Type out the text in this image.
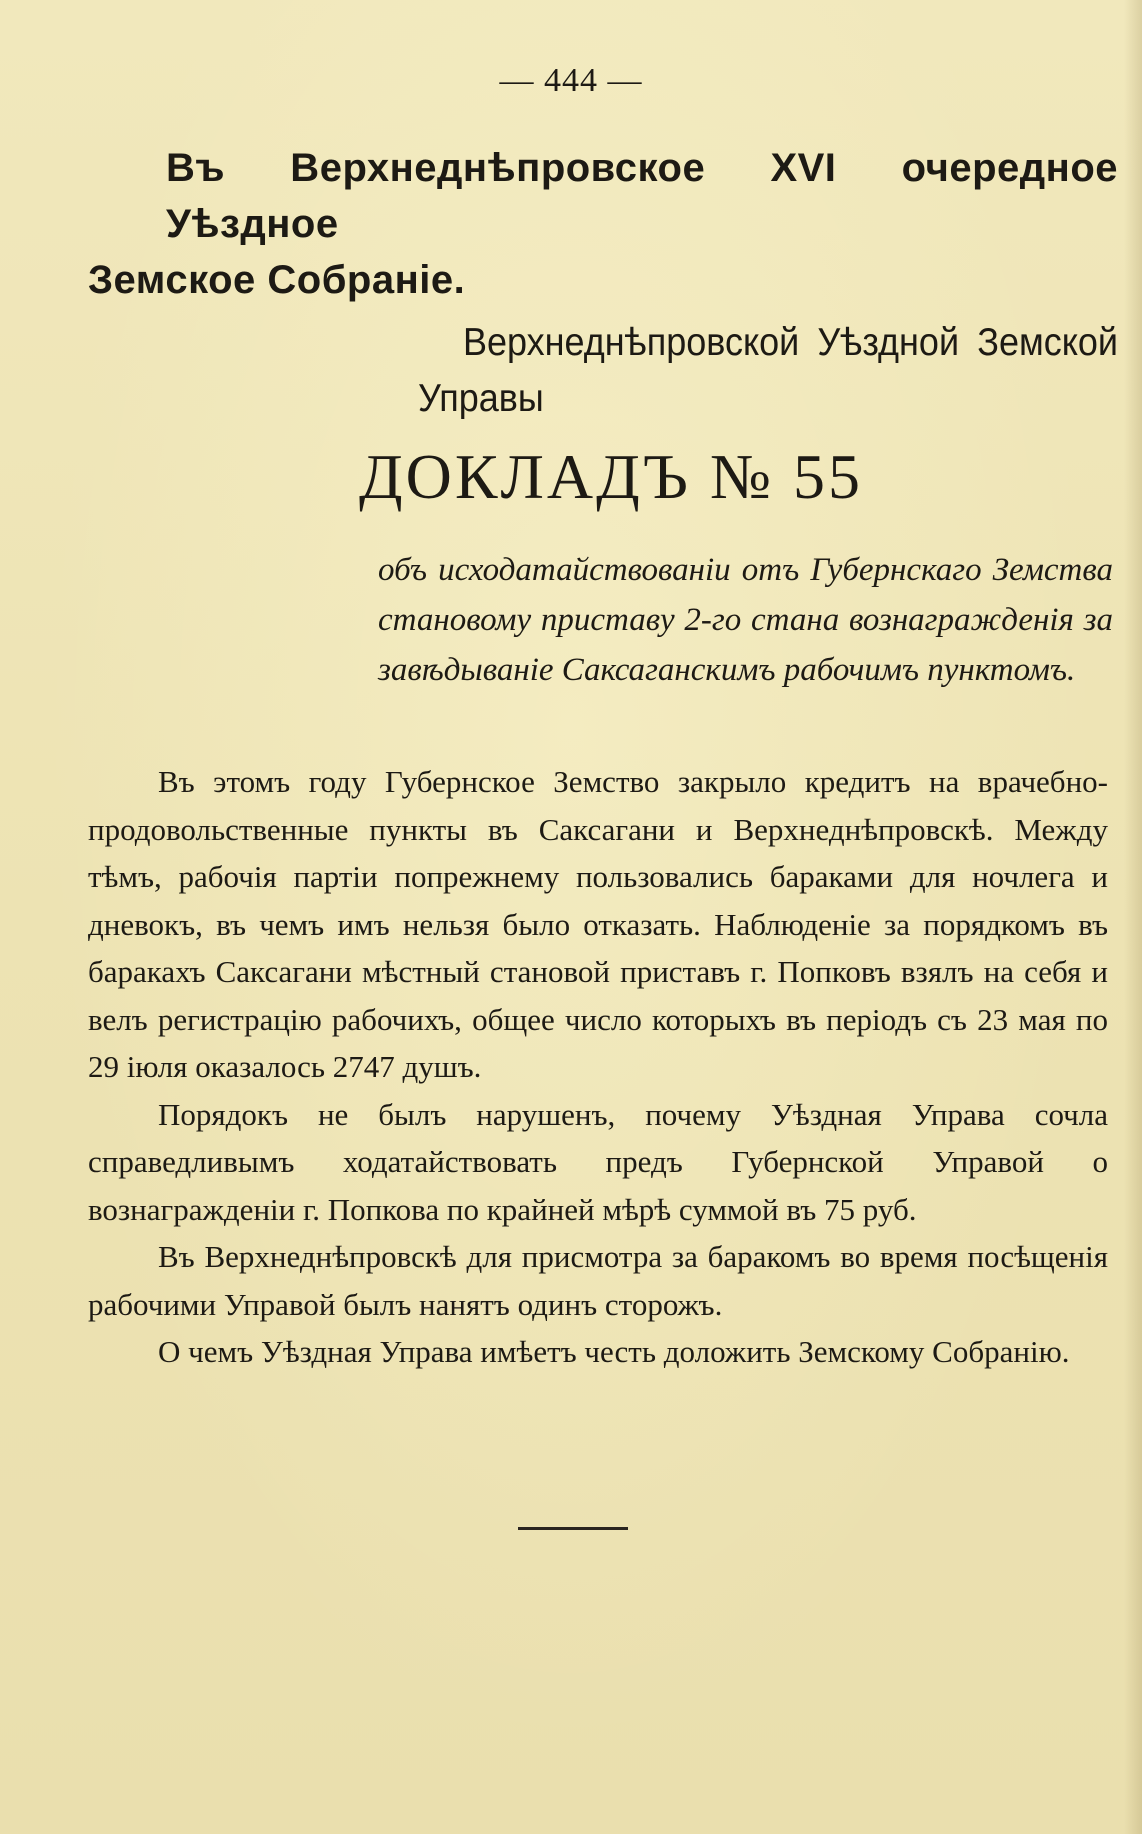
— 444 —
Въ Верхнеднѣпровское XVI очередное Уѣздное
Земское Собраніе.
Верхнеднѣпровской Уѣздной Земской
Управы
ДОКЛАДЪ № 55
объ исходатайствованіи отъ Губернскаго Земства становому приставу 2-го стана вознагражденія за завѣдываніе Саксаганскимъ рабочимъ пунктомъ.

Въ этомъ году Губернское Земство закрыло кредитъ на врачебно-продовольственные пункты въ Саксагани и Верхнеднѣпровскѣ. Между тѣмъ, рабочія партіи попрежнему пользовались бараками для ночлега и дневокъ, въ чемъ имъ нельзя было отказать. Наблюденіе за порядкомъ въ баракахъ Саксагани мѣстный становой приставъ г. Попковъ взялъ на себя и велъ регистрацію рабочихъ, общее число которыхъ въ періодъ съ 23 мая по 29 іюля оказалось 2747 душъ.

Порядокъ не былъ нарушенъ, почему Уѣздная Управа сочла справедливымъ ходатайствовать предъ Губернской Управой о вознагражденіи г. Попкова по крайней мѣрѣ суммой въ 75 руб.

Въ Верхнеднѣпровскѣ для присмотра за баракомъ во время посѣщенія рабочими Управой былъ нанятъ одинъ сторожъ.

О чемъ Уѣздная Управа имѣетъ честь доложить Земскому Собранію.
